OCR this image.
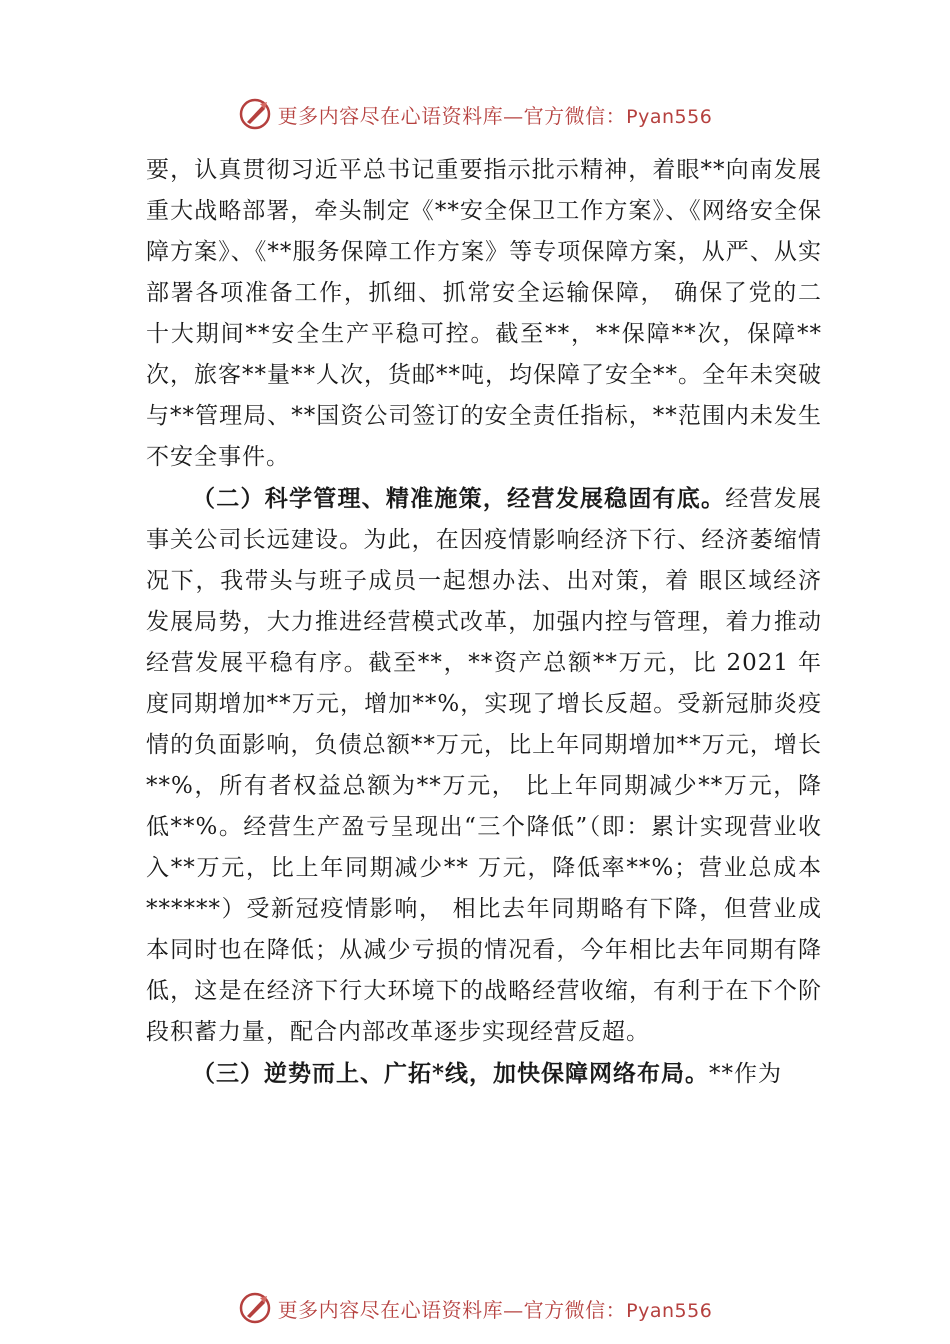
更多内容尽在心语资料库—官方微信：Pyan556

要，认真贯彻习近平总书记重要指示批示精神，着眼**向南发展重大战略部署，牵头制定《**安全保卫工作方案》、《网络安全保障方案》、《**服务保障工作方案》等专项保障方案，从严、从实部署各项准备工作，抓细、抓常安全运输保障， 确保了党的二十大期间**安全生产平稳可控。截至**，**保障**次，保障**次，旅客**量**人次，货邮**吨，均保障了安全**。全年未突破与**管理局、**国资公司签订的安全责任指标，**范围内未发生不安全事件。

（二）科学管理、精准施策，经营发展稳固有底。经营发展事关公司长远建设。为此，在因疫情影响经济下行、经济萎缩情况下，我带头与班子成员一起想办法、出对策，着 眼区域经济发展局势，大力推进经营模式改革，加强内控与管理，着力推动经营发展平稳有序。截至**，**资产总额**万元，比 2021 年度同期增加**万元，增加**%，实现了增长反超。受新冠肺炎疫情的负面影响，负债总额**万元，比上年同期增加**万元，增长**%，所有者权益总额为**万元， 比上年同期减少**万元，降低**%。经营生产盈亏呈现出“三个降低”（即：累计实现营业收入**万元，比上年同期减少** 万元，降低率**%；营业总成本******）受新冠疫情影响， 相比去年同期略有下降，但营业成本同时也在降低；从减少亏损的情况看，今年相比去年同期有降低，这是在经济下行大环境下的战略经营收缩，有利于在下个阶段积蓄力量，配合内部改革逐步实现经营反超。

（三）逆势而上、广拓*线，加快保障网络布局。**作为

更多内容尽在心语资料库—官方微信：Pyan556
